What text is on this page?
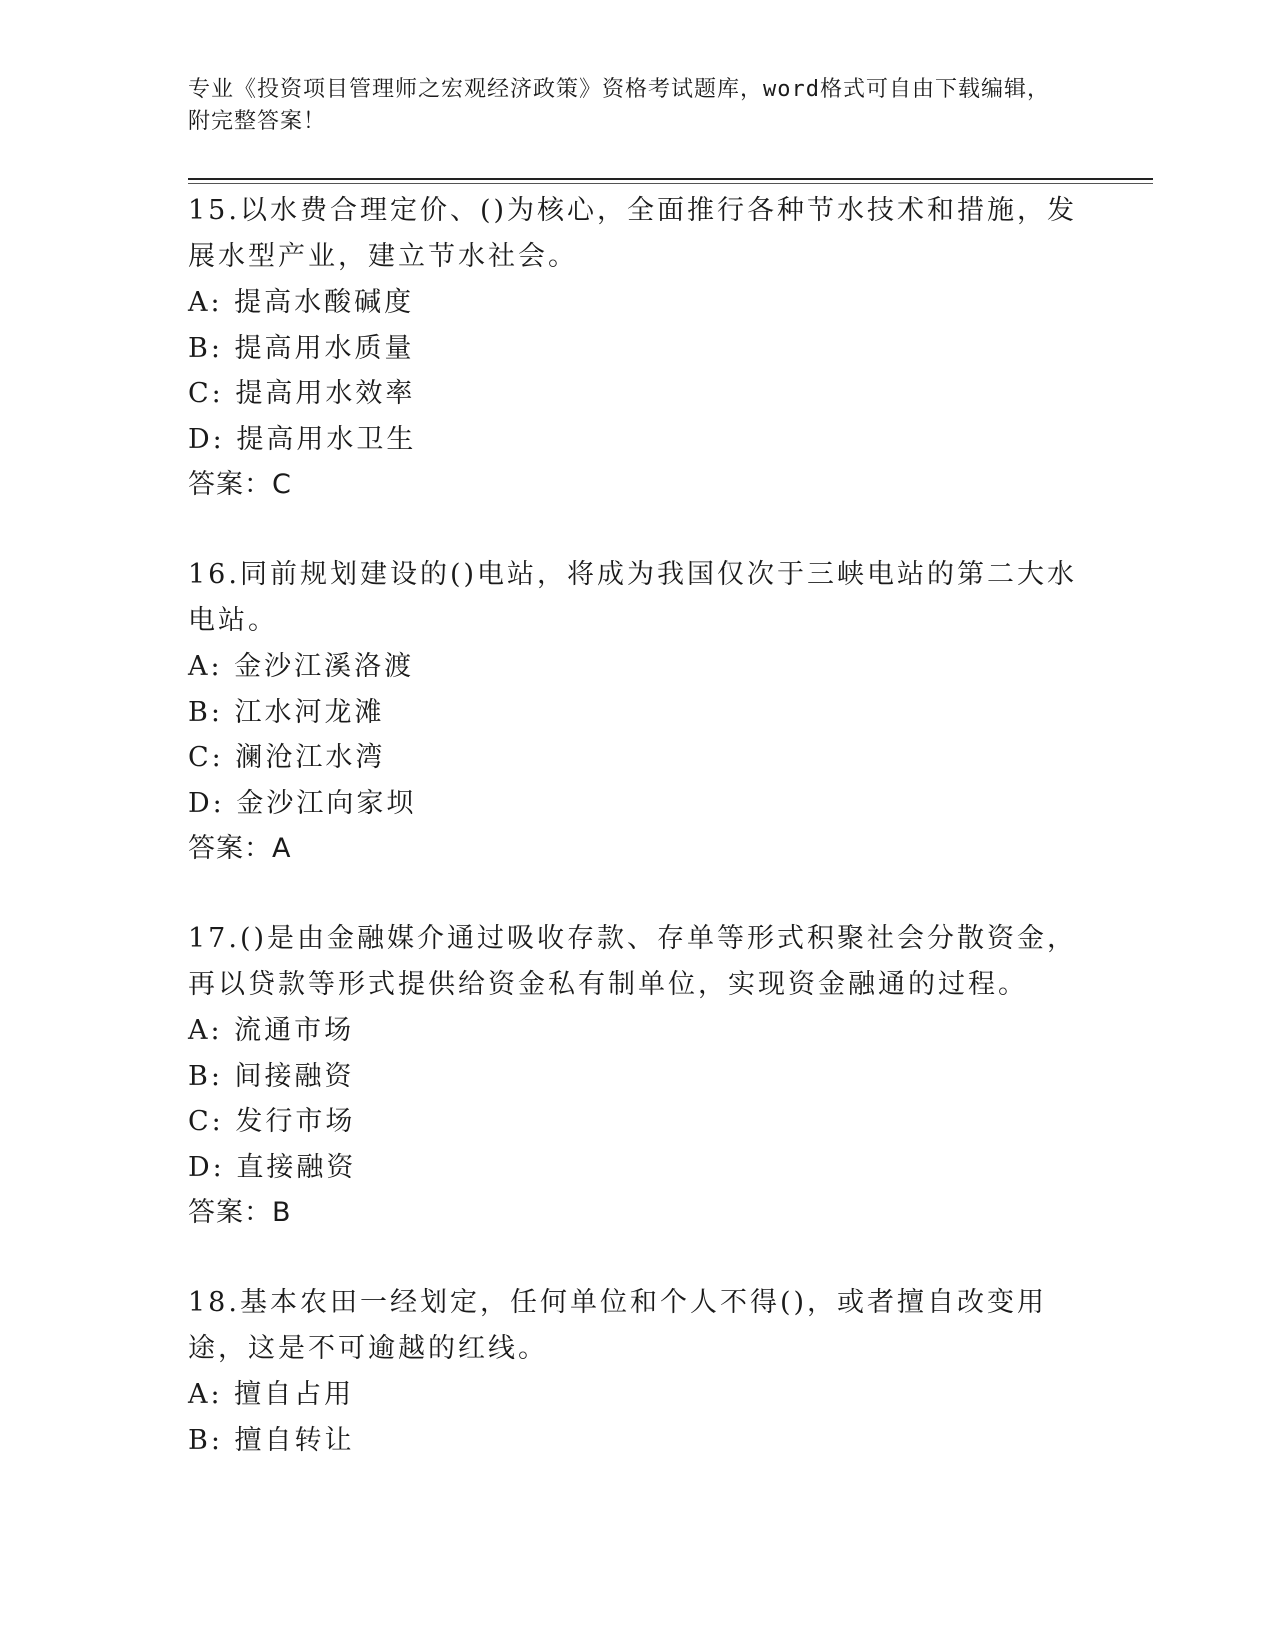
专业《投资项目管理师之宏观经济政策》资格考试题库，word格式可自由下载编辑，附完整答案！

15.以水费合理定价、()为核心，全面推行各种节水技术和措施，发展水型产业，建立节水社会。

A: 提高水酸碱度

B: 提高用水质量

C: 提高用水效率

D: 提高用水卫生

答案：C

16.同前规划建设的()电站，将成为我国仅次于三峡电站的第二大水电站。

A: 金沙江溪洛渡

B: 江水河龙滩

C: 澜沧江水湾

D: 金沙江向家坝

答案：A

17.()是由金融媒介通过吸收存款、存单等形式积聚社会分散资金，再以贷款等形式提供给资金私有制单位，实现资金融通的过程。

A: 流通市场

B: 间接融资

C: 发行市场

D: 直接融资

答案：B

18.基本农田一经划定，任何单位和个人不得()，或者擅自改变用途，这是不可逾越的红线。

A: 擅自占用

B: 擅自转让
